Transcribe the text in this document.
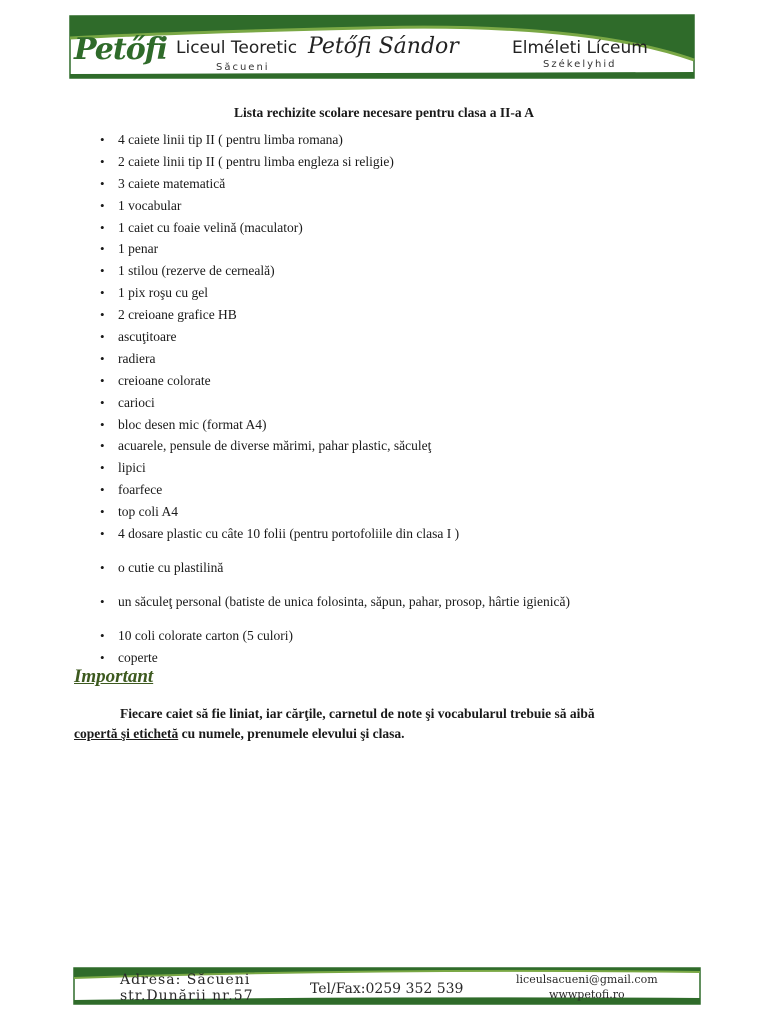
Petőfi Liceul Teoretic Petőfi Sándor	Elméleti Líceum
Săcueni	Székelyhid
Lista rechizite scolare necesare pentru clasa a II-a A
• 4 caiete linii tip II ( pentru limba romana)
• 2 caiete linii tip II ( pentru limba engleza si religie)
• 3 caiete matematică
• 1 vocabular
• 1 caiet cu foaie velină (maculator)
• 1 penar
• 1 stilou (rezerve de cerneală)
• 1 pix roşu cu gel
• 2 creioane grafice HB
• ascuţitoare
• radiera
• creioane colorate
• carioci
• bloc desen mic (format A4)
• acuarele, pensule de diverse mărimi, pahar plastic, săculeţ
• lipici
• foarfece
• top coli A4
• 4 dosare plastic cu câte 10 folii (pentru portofoliile din clasa I )
• o cutie cu plastilină
• un săculeţ personal (batiste de unica folosinta, săpun, pahar, prosop, hârtie igienică)
• 10 coli colorate carton (5 culori)
• coperte
Important
Fiecare caiet să fie liniat, iar cărţile, carnetul de note şi vocabularul trebuie să aibă
copertă şi etichetă cu numele, prenumele elevului şi clasa.
Adresa: Săcueni
str.Dunării nr.57	Tel/Fax:0259 352 539
liceulsacueni@gmail.com
wwwpetofi.ro
